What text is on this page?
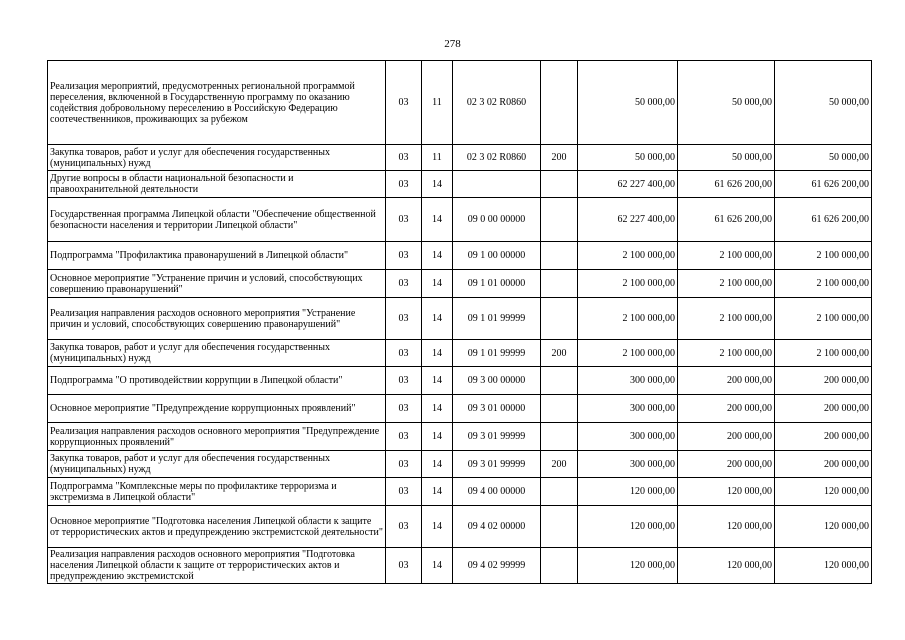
278
Реализация мероприятий, предусмотренных региональной программой переселения, включенной в Государственную программу по оказанию содействия добровольному переселению в Российскую Федерацию соотечественников, проживающих за рубежом	03	11	02 3 02 R0860		50 000,00	50 000,00	50 000,00
Закупка товаров, работ и услуг для обеспечения государственных (муниципальных) нужд	03	11	02 3 02 R0860	200	50 000,00	50 000,00	50 000,00
Другие вопросы в области национальной безопасности и правоохранительной деятельности	03	14			62 227 400,00	61 626 200,00	61 626 200,00
Государственная программа Липецкой области "Обеспечение общественной безопасности населения и территории Липецкой области"	03	14	09 0 00 00000		62 227 400,00	61 626 200,00	61 626 200,00
Подпрограмма "Профилактика правонарушений в Липецкой области"	03	14	09 1 00 00000		2 100 000,00	2 100 000,00	2 100 000,00
Основное мероприятие "Устранение причин и условий, способствующих совершению правонарушений"	03	14	09 1 01 00000		2 100 000,00	2 100 000,00	2 100 000,00
Реализация направления расходов основного мероприятия "Устранение причин и условий, способствующих совершению правонарушений"	03	14	09 1 01 99999		2 100 000,00	2 100 000,00	2 100 000,00
Закупка товаров, работ и услуг для обеспечения государственных (муниципальных) нужд	03	14	09 1 01 99999	200	2 100 000,00	2 100 000,00	2 100 000,00
Подпрограмма "О противодействии коррупции в Липецкой области"	03	14	09 3 00 00000		300 000,00	200 000,00	200 000,00
Основное мероприятие "Предупреждение коррупционных проявлений"	03	14	09 3 01 00000		300 000,00	200 000,00	200 000,00
Реализация направления расходов основного мероприятия "Предупреждение коррупционных проявлений"	03	14	09 3 01 99999		300 000,00	200 000,00	200 000,00
Закупка товаров, работ и услуг для обеспечения государственных (муниципальных) нужд	03	14	09 3 01 99999	200	300 000,00	200 000,00	200 000,00
Подпрограмма "Комплексные меры по профилактике терроризма и экстремизма в Липецкой области"	03	14	09 4 00 00000		120 000,00	120 000,00	120 000,00
Основное мероприятие "Подготовка населения Липецкой области к защите от террористических актов и предупреждению экстремистской деятельности"	03	14	09 4 02 00000		120 000,00	120 000,00	120 000,00
Реализация направления расходов основного мероприятия "Подготовка населения Липецкой области к защите от террористических актов и предупреждению экстремистской	03	14	09 4 02 99999		120 000,00	120 000,00	120 000,00
